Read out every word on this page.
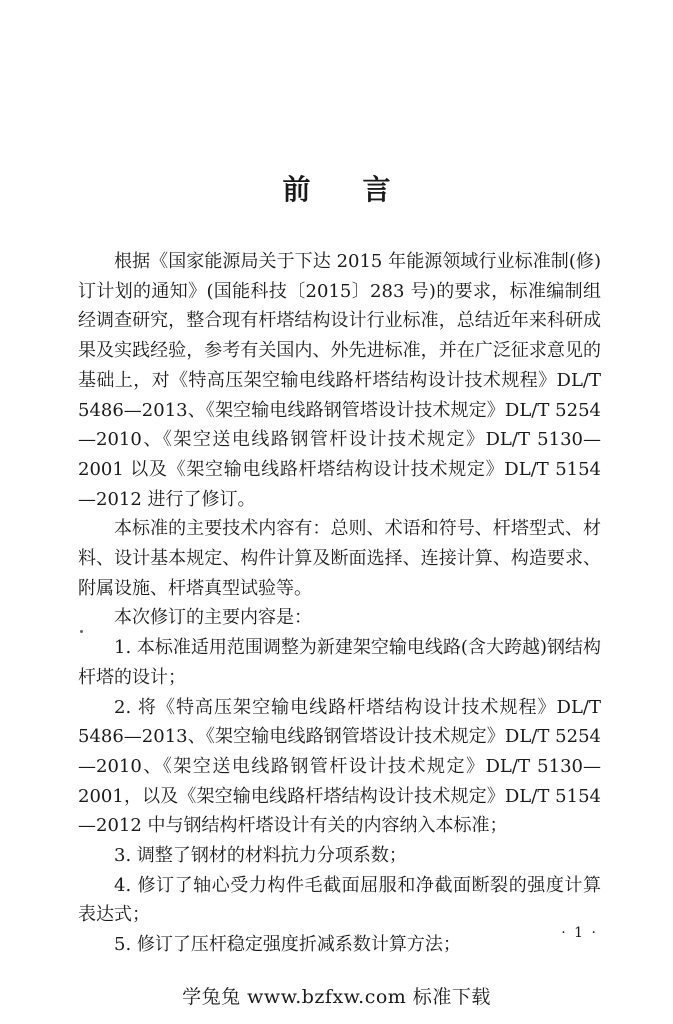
前 言

根据《国家能源局关于下达 2015 年能源领域行业标准制(修)订计划的通知》(国能科技〔2015〕283 号)的要求，标准编制组经调查研究，整合现有杆塔结构设计行业标准，总结近年来科研成果及实践经验，参考有关国内、外先进标准，并在广泛征求意见的基础上，对《特高压架空输电线路杆塔结构设计技术规程》DL/T 5486—2013、《架空输电线路钢管塔设计技术规定》DL/T 5254—2010、《架空送电线路钢管杆设计技术规定》DL/T 5130—2001 以及《架空输电线路杆塔结构设计技术规定》DL/T 5154—2012 进行了修订。

本标准的主要技术内容有：总则、术语和符号、杆塔型式、材料、设计基本规定、构件计算及断面选择、连接计算、构造要求、附属设施、杆塔真型试验等。

本次修订的主要内容是：

1. 本标准适用范围调整为新建架空输电线路(含大跨越)钢结构杆塔的设计；

2. 将《特高压架空输电线路杆塔结构设计技术规程》DL/T 5486—2013、《架空输电线路钢管塔设计技术规定》DL/T 5254—2010、《架空送电线路钢管杆设计技术规定》DL/T 5130—2001，以及《架空输电线路杆塔结构设计技术规定》DL/T 5154—2012 中与钢结构杆塔设计有关的内容纳入本标准；

3. 调整了钢材的材料抗力分项系数；

4. 修订了轴心受力构件毛截面屈服和净截面断裂的强度计算表达式；

5. 修订了压杆稳定强度折减系数计算方法；

· 1 ·
学兔兔 www.bzfxw.com 标准下载
